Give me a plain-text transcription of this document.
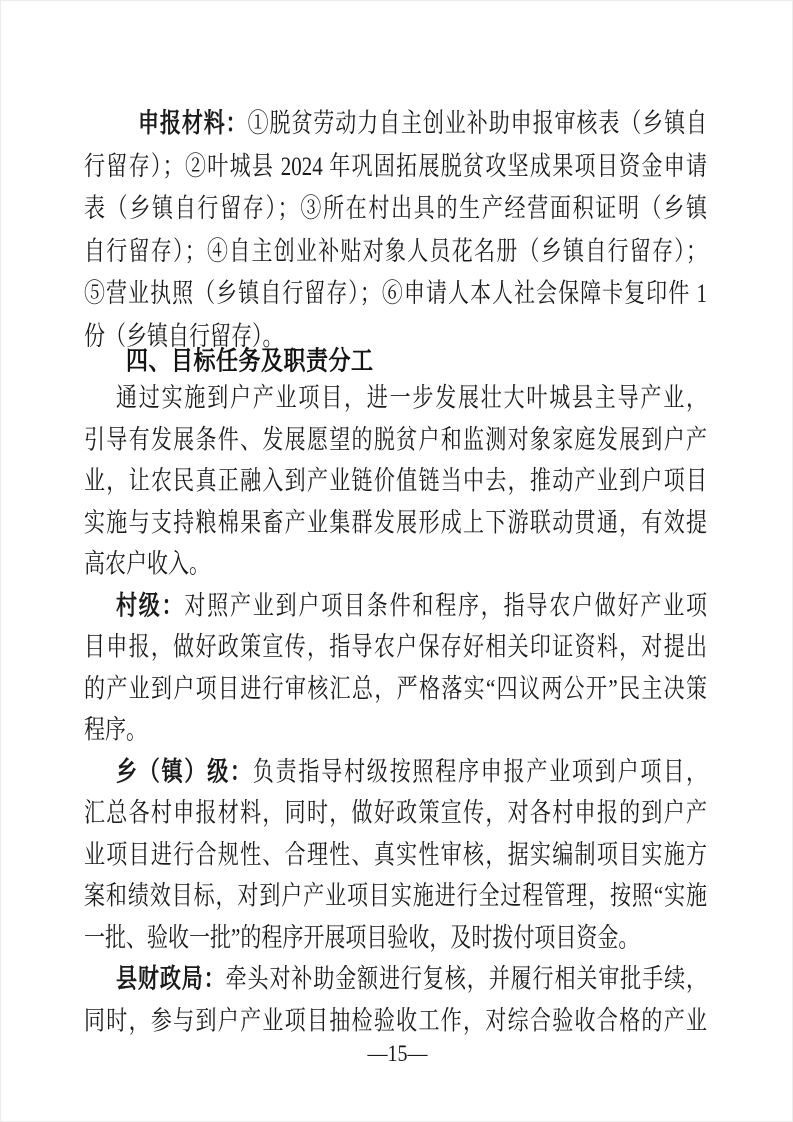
申报材料：①脱贫劳动力自主创业补助申报审核表（乡镇自
行留存）；②叶城县 2024 年巩固拓展脱贫攻坚成果项目资金申请
表（乡镇自行留存）；③所在村出具的生产经营面积证明（乡镇
自行留存）；④自主创业补贴对象人员花名册（乡镇自行留存）；
⑤营业执照（乡镇自行留存）；⑥申请人本人社会保障卡复印件 1
份（乡镇自行留存）。
四、目标任务及职责分工
通过实施到户产业项目，进一步发展壮大叶城县主导产业，
引导有发展条件、发展愿望的脱贫户和监测对象家庭发展到户产
业，让农民真正融入到产业链价值链当中去，推动产业到户项目
实施与支持粮棉果畜产业集群发展形成上下游联动贯通，有效提
高农户收入。
村级：对照产业到户项目条件和程序，指导农户做好产业项
目申报，做好政策宣传，指导农户保存好相关印证资料，对提出
的产业到户项目进行审核汇总，严格落实“四议两公开”民主决策
程序。
乡（镇）级：负责指导村级按照程序申报产业项到户项目，
汇总各村申报材料，同时，做好政策宣传，对各村申报的到户产
业项目进行合规性、合理性、真实性审核，据实编制项目实施方
案和绩效目标，对到户产业项目实施进行全过程管理，按照“实施
一批、验收一批”的程序开展项目验收，及时拨付项目资金。
县财政局：牵头对补助金额进行复核，并履行相关审批手续，
同时，参与到户产业项目抽检验收工作，对综合验收合格的产业
—15—
